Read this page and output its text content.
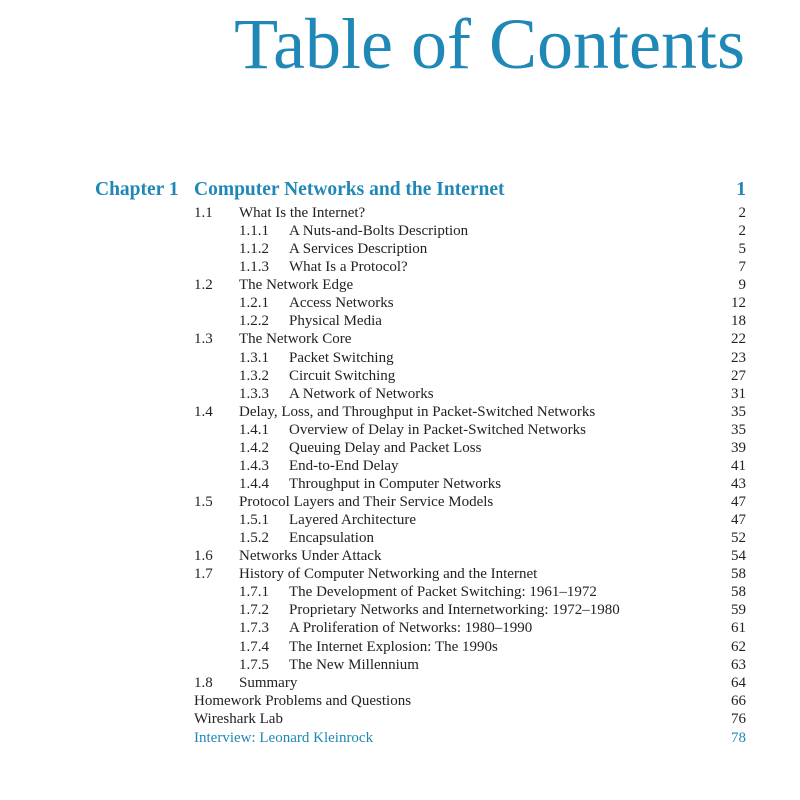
Table of Contents
Chapter 1 Computer Networks and the Internet	1
1.1 What Is the Internet?	2
1.1.1 A Nuts-and-Bolts Description	2
1.1.2 A Services Description	5
1.1.3 What Is a Protocol?	7
1.2 The Network Edge	9
1.2.1 Access Networks	12
1.2.2 Physical Media	18
1.3 The Network Core	22
1.3.1 Packet Switching	23
1.3.2 Circuit Switching	27
1.3.3 A Network of Networks	31
1.4 Delay, Loss, and Throughput in Packet-Switched Networks	35
1.4.1 Overview of Delay in Packet-Switched Networks	35
1.4.2 Queuing Delay and Packet Loss	39
1.4.3 End-to-End Delay	41
1.4.4 Throughput in Computer Networks	43
1.5 Protocol Layers and Their Service Models	47
1.5.1 Layered Architecture	47
1.5.2 Encapsulation	52
1.6 Networks Under Attack	54
1.7 History of Computer Networking and the Internet	58
1.7.1 The Development of Packet Switching: 1961–1972	58
1.7.2 Proprietary Networks and Internetworking: 1972–1980	59
1.7.3 A Proliferation of Networks: 1980–1990	61
1.7.4 The Internet Explosion: The 1990s	62
1.7.5 The New Millennium	63
1.8 Summary	64
Homework Problems and Questions	66
Wireshark Lab	76
Interview: Leonard Kleinrock	78
